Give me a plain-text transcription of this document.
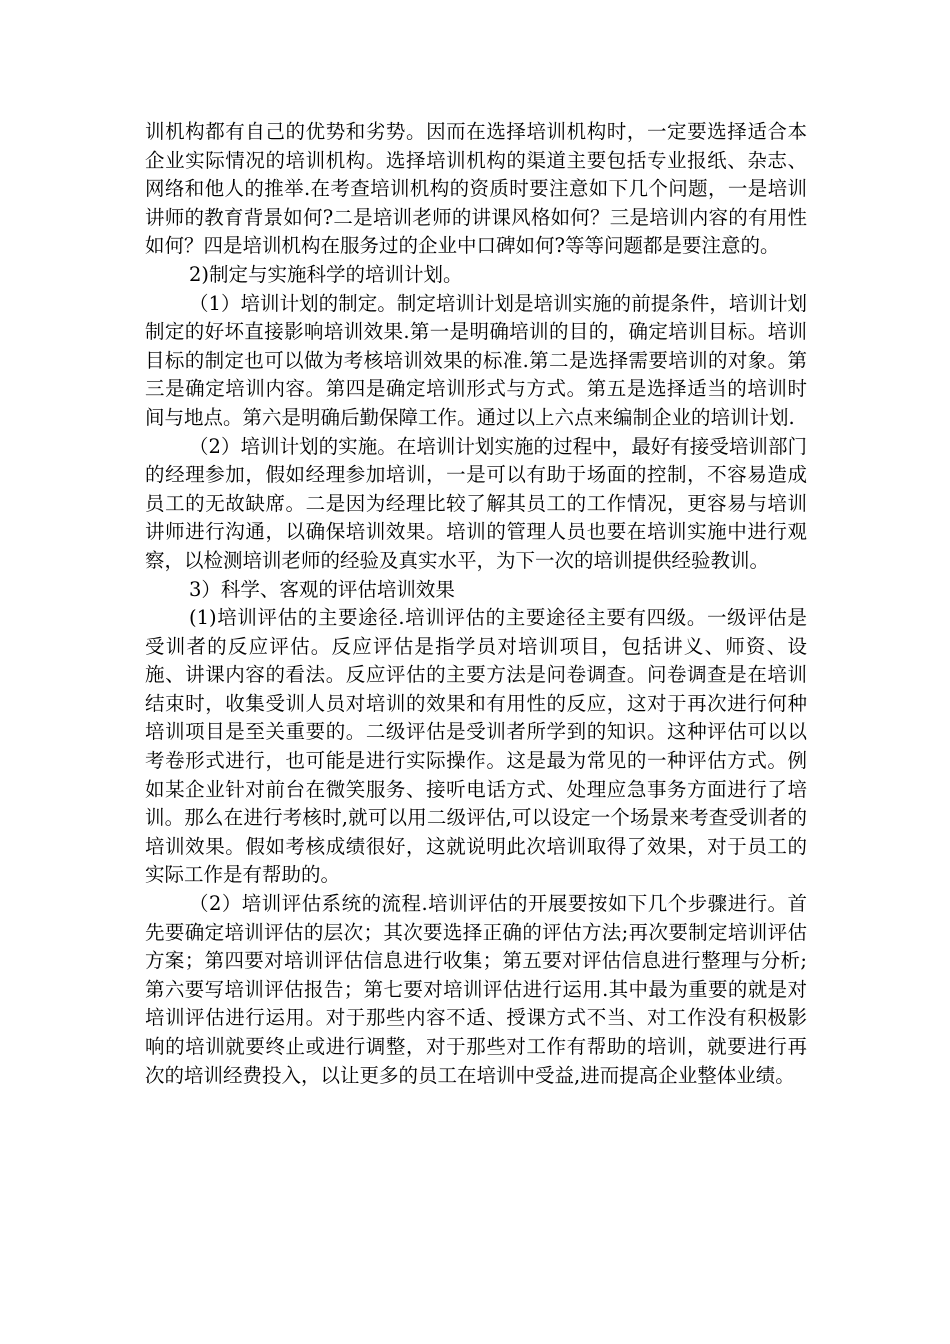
训机构都有自己的优势和劣势。因而在选择培训机构时，一定要选择适合本企业实际情况的培训机构。选择培训机构的渠道主要包括专业报纸、杂志、网络和他人的推举.在考查培训机构的资质时要注意如下几个问题，一是培训讲师的教育背景如何?二是培训老师的讲课风格如何？三是培训内容的有用性如何？四是培训机构在服务过的企业中口碑如何?等等问题都是要注意的。

2)制定与实施科学的培训计划。

（1）培训计划的制定。制定培训计划是培训实施的前提条件，培训计划制定的好坏直接影响培训效果.第一是明确培训的目的，确定培训目标。培训目标的制定也可以做为考核培训效果的标准.第二是选择需要培训的对象。第三是确定培训内容。第四是确定培训形式与方式。第五是选择适当的培训时间与地点。第六是明确后勤保障工作。通过以上六点来编制企业的培训计划.

（2）培训计划的实施。在培训计划实施的过程中，最好有接受培训部门的经理参加，假如经理参加培训，一是可以有助于场面的控制，不容易造成员工的无故缺席。二是因为经理比较了解其员工的工作情况，更容易与培训讲师进行沟通，以确保培训效果。培训的管理人员也要在培训实施中进行观察，以检测培训老师的经验及真实水平，为下一次的培训提供经验教训。

3）科学、客观的评估培训效果

(1)培训评估的主要途径.培训评估的主要途径主要有四级。一级评估是受训者的反应评估。反应评估是指学员对培训项目，包括讲义、师资、设施、讲课内容的看法。反应评估的主要方法是问卷调查。问卷调查是在培训结束时，收集受训人员对培训的效果和有用性的反应，这对于再次进行何种培训项目是至关重要的。二级评估是受训者所学到的知识。这种评估可以以考卷形式进行，也可能是进行实际操作。这是最为常见的一种评估方式。例如某企业针对前台在微笑服务、接听电话方式、处理应急事务方面进行了培训。那么在进行考核时,就可以用二级评估,可以设定一个场景来考查受训者的培训效果。假如考核成绩很好，这就说明此次培训取得了效果，对于员工的实际工作是有帮助的。

（2）培训评估系统的流程.培训评估的开展要按如下几个步骤进行。首先要确定培训评估的层次；其次要选择正确的评估方法;再次要制定培训评估方案；第四要对培训评估信息进行收集；第五要对评估信息进行整理与分析;第六要写培训评估报告；第七要对培训评估进行运用.其中最为重要的就是对培训评估进行运用。对于那些内容不适、授课方式不当、对工作没有积极影响的培训就要终止或进行调整，对于那些对工作有帮助的培训，就要进行再次的培训经费投入，以让更多的员工在培训中受益,进而提高企业整体业绩。
